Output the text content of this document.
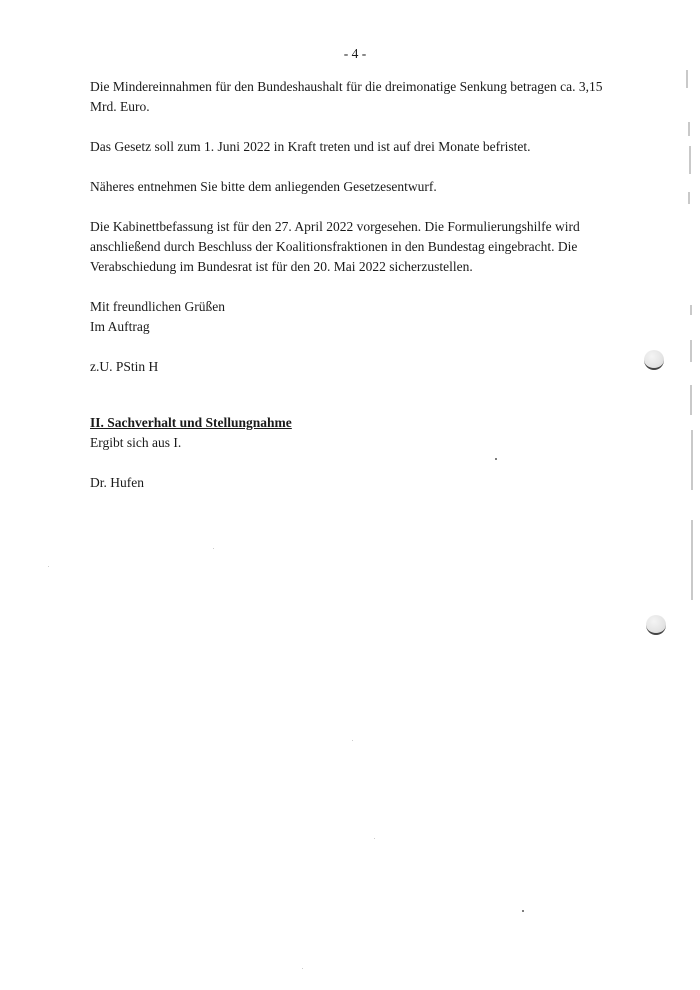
- 4 -

Die Mindereinnahmen für den Bundeshaushalt für die dreimonatige Senkung betragen ca. 3,15 Mrd. Euro.

Das Gesetz soll zum 1. Juni 2022 in Kraft treten und ist auf drei Monate befristet.

Näheres entnehmen Sie bitte dem anliegenden Gesetzesentwurf.

Die Kabinettbefassung ist für den 27. April 2022 vorgesehen. Die Formulierungshilfe wird anschließend durch Beschluss der Koalitionsfraktionen in den Bundestag eingebracht. Die Verabschiedung im Bundesrat ist für den 20. Mai 2022 sicherzustellen.

Mit freundlichen Grüßen

Im Auftrag

z.U. PStin H

II. Sachverhalt und Stellungnahme

Ergibt sich aus I.

Dr. Hufen
